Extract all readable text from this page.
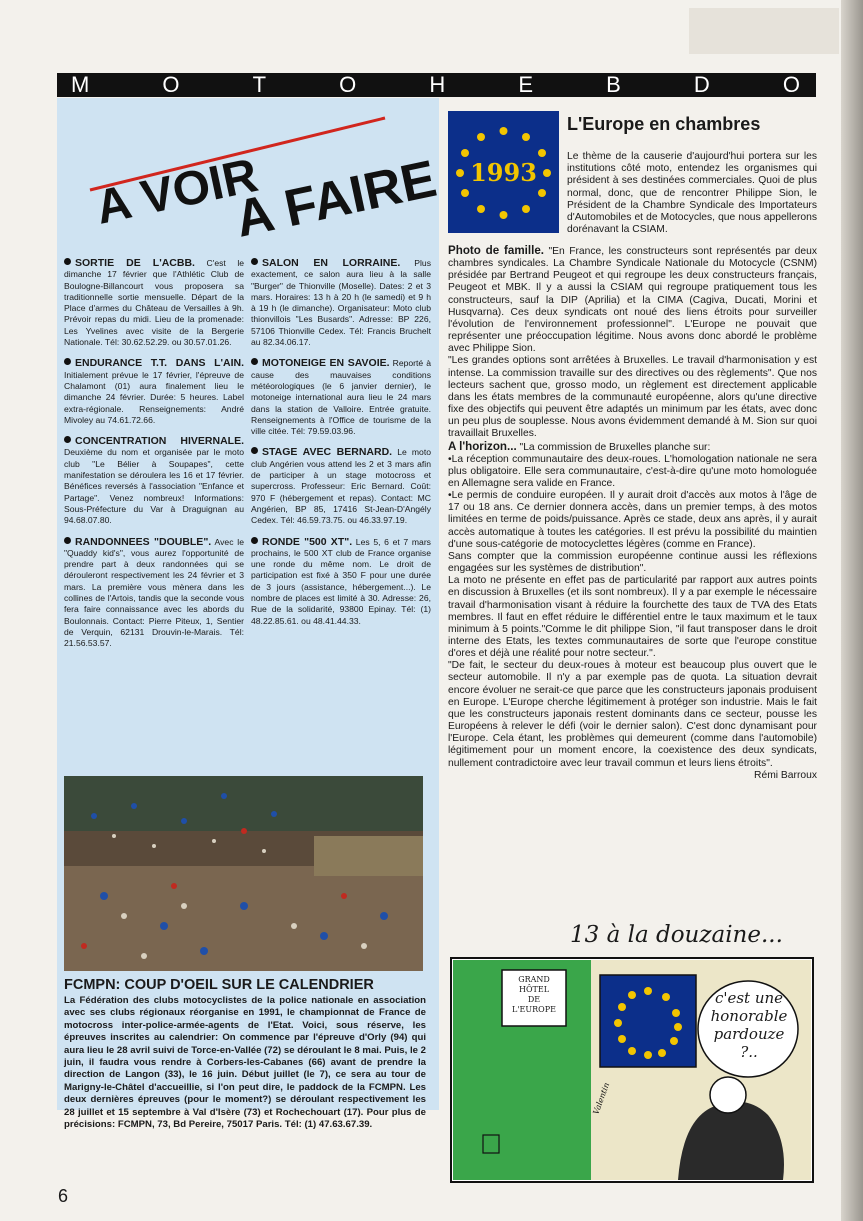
M	O	T	O	H	E	B	D	O
A VOIR
A FAIRE
SORTIE DE L'ACBB. C'est le dimanche 17 février que l'Athlétic Club de Boulogne-Billancourt vous proposera sa traditionnelle sortie mensuelle. Départ de la Place d'armes du Château de Versailles à 9h. Prévoir repas du midi. Lieu de la promenade: Les Yvelines avec visite de la Bergerie Nationale. Tél: 30.62.52.29. ou 30.57.01.26.
ENDURANCE T.T. DANS L'AIN. Initialement prévue le 17 février, l'épreuve de Chalamont (01) aura finalement lieu le dimanche 24 février. Durée: 5 heures. Label extra-régionale. Renseignements: André Mivoley au 74.61.72.66.
CONCENTRATION HIVERNALE. Deuxième du nom et organisée par le moto club "Le Bélier à Soupapes", cette manifestation se déroulera les 16 et 17 février. Bénéfices reversés à l'association "Enfance et Partage". Venez nombreux! Informations: Sous-Préfecture du Var à Draguignan au 94.68.07.80.
RANDONNEES "DOUBLE". Avec le "Quaddy kid's", vous aurez l'opportunité de prendre part à deux randonnées qui se dérouleront respectivement les 24 février et 3 mars. La première vous mènera dans les collines de l'Artois, tandis que la seconde vous fera faire connaissance avec les abords du Boulonnais. Contact: Pierre Piteux, 1, Sentier de Verquin, 62131 Drouvin-le-Marais. Tél: 21.56.53.57.
SALON EN LORRAINE. Plus exactement, ce salon aura lieu à la salle "Burger" de Thionville (Moselle). Dates: 2 et 3 mars. Horaires: 13 h à 20 h (le samedi) et 9 h à 19 h (le dimanche). Organisateur: Moto club thionvillois "Les Busards". Adresse: BP 226, 57106 Thionville Cedex. Tél: Francis Bruchelt au 82.34.06.17.
MOTONEIGE EN SAVOIE. Reporté à cause des mauvaises conditions météorologiques (le 6 janvier dernier), le motoneige international aura lieu le 24 mars dans la station de Valloire. Entrée gratuite. Renseignements à l'Office de tourisme de la ville citée. Tél: 79.59.03.96.
STAGE AVEC BERNARD. Le moto club Angérien vous attend les 2 et 3 mars afin de participer à un stage motocross et supercross. Professeur: Eric Bernard. Coût: 970 F (hébergement et repas). Contact: MC Angérien, BP 85, 17416 St-Jean-D'Angély Cedex. Tél: 46.59.73.75. ou 46.33.97.19.
RONDE "500 XT". Les 5, 6 et 7 mars prochains, le 500 XT club de France organise une ronde du même nom. Le droit de participation est fixé à 350 F pour une durée de 3 jours (assistance, hébergement...). Le nombre de places est limité à 30. Adresse: 26, Rue de la solidarité, 93800 Epinay. Tél: (1) 48.22.85.61. ou 48.41.44.33.
FCMPN: COUP D'OEIL SUR LE CALENDRIER
La Fédération des clubs motocyclistes de la police nationale en association avec ses clubs régionaux réorganise en 1991, le championnat de France de motocross inter-police-armée-agents de l'Etat. Voici, sous réserve, les épreuves inscrites au calendrier: On commence par l'épreuve d'Orly (94) qui aura lieu le 28 avril suivi de Torce-en-Vallée (72) se déroulant le 8 mai. Puis, le 2 juin, il faudra vous rendre à Corbers-les-Cabanes (66) avant de prendre la direction de Langon (33), le 16 juin. Début juillet (le 7), ce sera au tour de Marigny-le-Châtel d'accueillie, si l'on peut dire, le paddock de la FCMPN. Les deux dernières épreuves (pour le moment?) se déroulant respectivement les 28 juillet et 15 septembre à Val d'Isère (73) et Rochechouart (17). Pour plus de précisions: FCMPN, 73, Bd Pereire, 75017 Paris. Tél: (1) 47.63.67.39.
6
1993
L'Europe en chambres
Le thème de la causerie d'aujourd'hui portera sur les institutions côté moto, entendez les organismes qui président à ses destinées commerciales. Quoi de plus normal, donc, que de rencontrer Philippe Sion, le Président de la Chambre Syndicale des Importateurs d'Automobiles et de Motocycles, que nous appellerons dorénavant la CSIAM.

Photo de famille. "En France, les constructeurs sont représentés par deux chambres syndicales. La Chambre Syndicale Nationale du Motocycle (CSNM) présidée par Bertrand Peugeot et qui regroupe les deux constructeurs français, Peugeot et MBK. Il y a aussi la CSIAM qui regroupe pratiquement tous les constructeurs, sauf la DIP (Aprilia) et la CIMA (Cagiva, Ducati, Morini et Husqvarna). Ces deux syndicats ont noué des liens étroits pour surveiller l'évolution de l'environnement professionnel". L'Europe ne pouvait que représenter une préoccupation légitime. Nous avons donc abordé le problème avec Philippe Sion.

"Les grandes options sont arrêtées à Bruxelles. Le travail d'harmonisation y est intense. La commission travaille sur des directives ou des règlements". Que nos lecteurs sachent que, grosso modo, un règlement est directement applicable dans les états membres de la communauté européenne, alors qu'une directive fixe des objectifs qui peuvent être adaptés un minimum par les états, avec donc un peu plus de souplesse. Nous avons évidemment demandé à M. Sion sur quoi travaillait Bruxelles.

A l'horizon... "La commission de Bruxelles planche sur:

•La réception communautaire des deux-roues. L'homologation nationale ne sera plus obligatoire. Elle sera communautaire, c'est-à-dire qu'une moto homologuée en Allemagne sera valide en France.

•Le permis de conduire européen. Il y aurait droit d'accès aux motos à l'âge de 17 ou 18 ans. Ce dernier donnera accès, dans un premier temps, à des motos limitées en terme de poids/puissance. Après ce stade, deux ans après, il y aurait accès automatique à toutes les catégories. Il est prévu la possibilité du maintien d'une sous-catégorie de motocyclettes légères (comme en France).

Sans compter que la commission européenne continue aussi les réflexions engagées sur les systèmes de distribution".

La moto ne présente en effet pas de particularité par rapport aux autres points en discussion à Bruxelles (et ils sont nombreux). Il y a par exemple le nécessaire travail d'harmonisation visant à réduire la fourchette des taux de TVA des Etats membres. Il faut en effet réduire le différentiel entre le taux maximum et le taux minimum à 5 points."Comme le dit philippe Sion, "il faut transposer dans le droit interne des Etats, les textes communautaires de sorte que l'europe constitue d'ores et déjà une réalité pour notre secteur.".

"De fait, le secteur du deux-roues à moteur est beaucoup plus ouvert que le secteur automobile. Il n'y a par exemple pas de quota. La situation devrait encore évoluer ne serait-ce que parce que les constructeurs japonais produisent en Europe. L'Europe cherche légitimement à protéger son industrie. Mais le fait que les constructeurs japonais restent dominants dans ce secteur, pousse les Européens à relever le défi (voir le dernier salon). C'est donc dynamisant pour l'Europe. Cela étant, les problèmes qui demeurent (comme dans l'automobile) légitimement pour un moment encore, la coexistence des deux syndicats, nullement contradictoire avec leur travail commun et leurs liens étroits".

Rémi Barroux

13 à la douzaine...
Valentin
GRAND
HÔTEL
DE
L'EUROPE
c'est une honorable pardouze ?..
